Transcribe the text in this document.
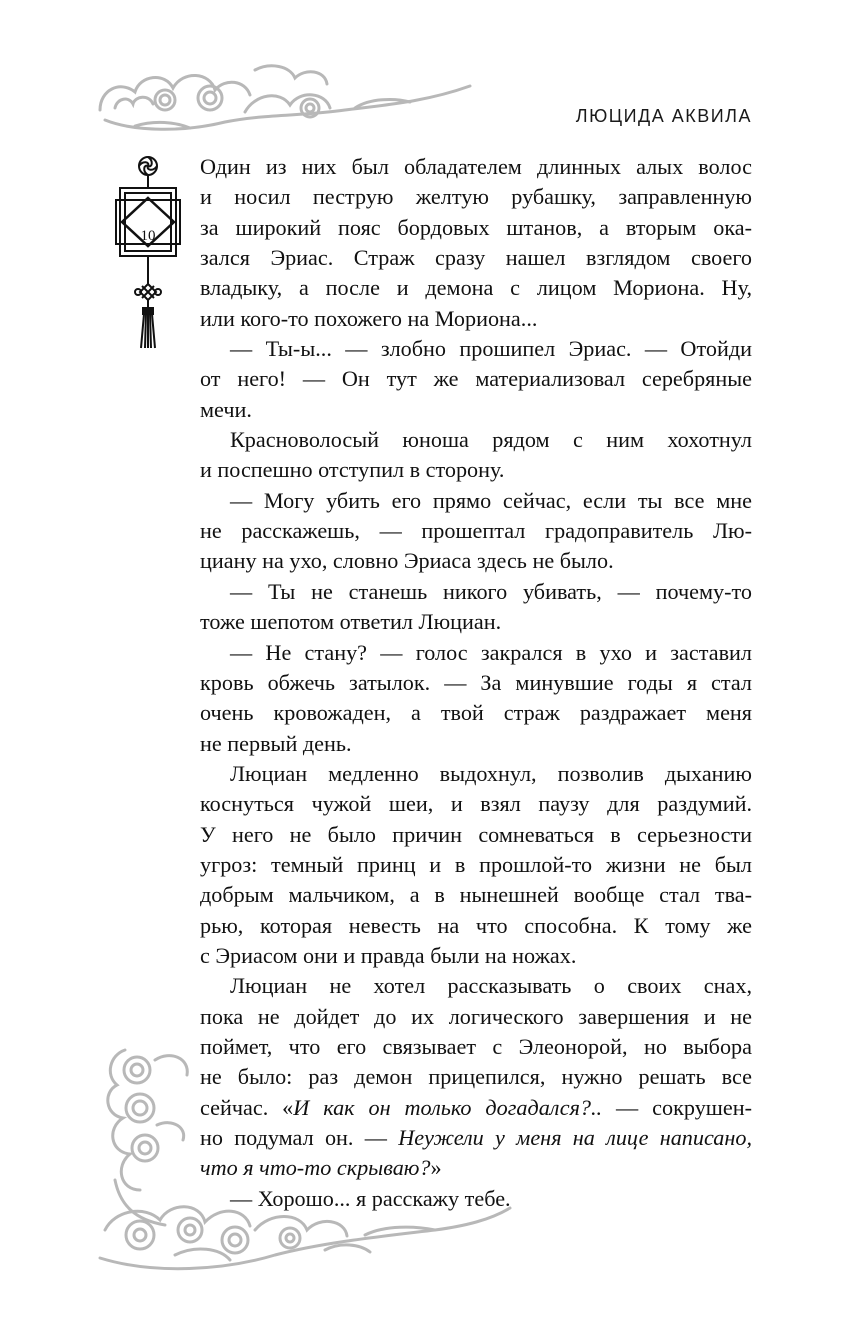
ЛЮЦИДА АКВИЛА
10
Один из них был обладателем длинных алых волос
и носил пеструю желтую рубашку, заправленную
за широкий пояс бордовых штанов, а вторым ока-
зался Эриас. Страж сразу нашел взглядом своего
владыку, а после и демона с лицом Мориона. Ну,
или кого-то похожего на Мориона...
— Ты-ы... — злобно прошипел Эриас. — Отойди
от него! — Он тут же материализовал серебряные
мечи.
Красноволосый юноша рядом с ним хохотнул
и поспешно отступил в сторону.
— Могу убить его прямо сейчас, если ты все мне
не расскажешь, — прошептал градоправитель Лю-
циану на ухо, словно Эриаса здесь не было.
— Ты не станешь никого убивать, — почему-то
тоже шепотом ответил Люциан.
— Не стану? — голос закрался в ухо и заставил
кровь обжечь затылок. — За минувшие годы я стал
очень кровожаден, а твой страж раздражает меня
не первый день.
Люциан медленно выдохнул, позволив дыханию
коснуться чужой шеи, и взял паузу для раздумий.
У него не было причин сомневаться в серьезности
угроз: темный принц и в прошлой-то жизни не был
добрым мальчиком, а в нынешней вообще стал тва-
рью, которая невесть на что способна. К тому же
с Эриасом они и правда были на ножах.
Люциан не хотел рассказывать о своих снах,
пока не дойдет до их логического завершения и не
поймет, что его связывает с Элеонорой, но выбора
не было: раз демон прицепился, нужно решать все
сейчас. «И как он только догадался?.. — сокрушен-
но подумал он. — Неужели у меня на лице написано,
что я что-то скрываю?»
— Хорошо... я расскажу тебе.
